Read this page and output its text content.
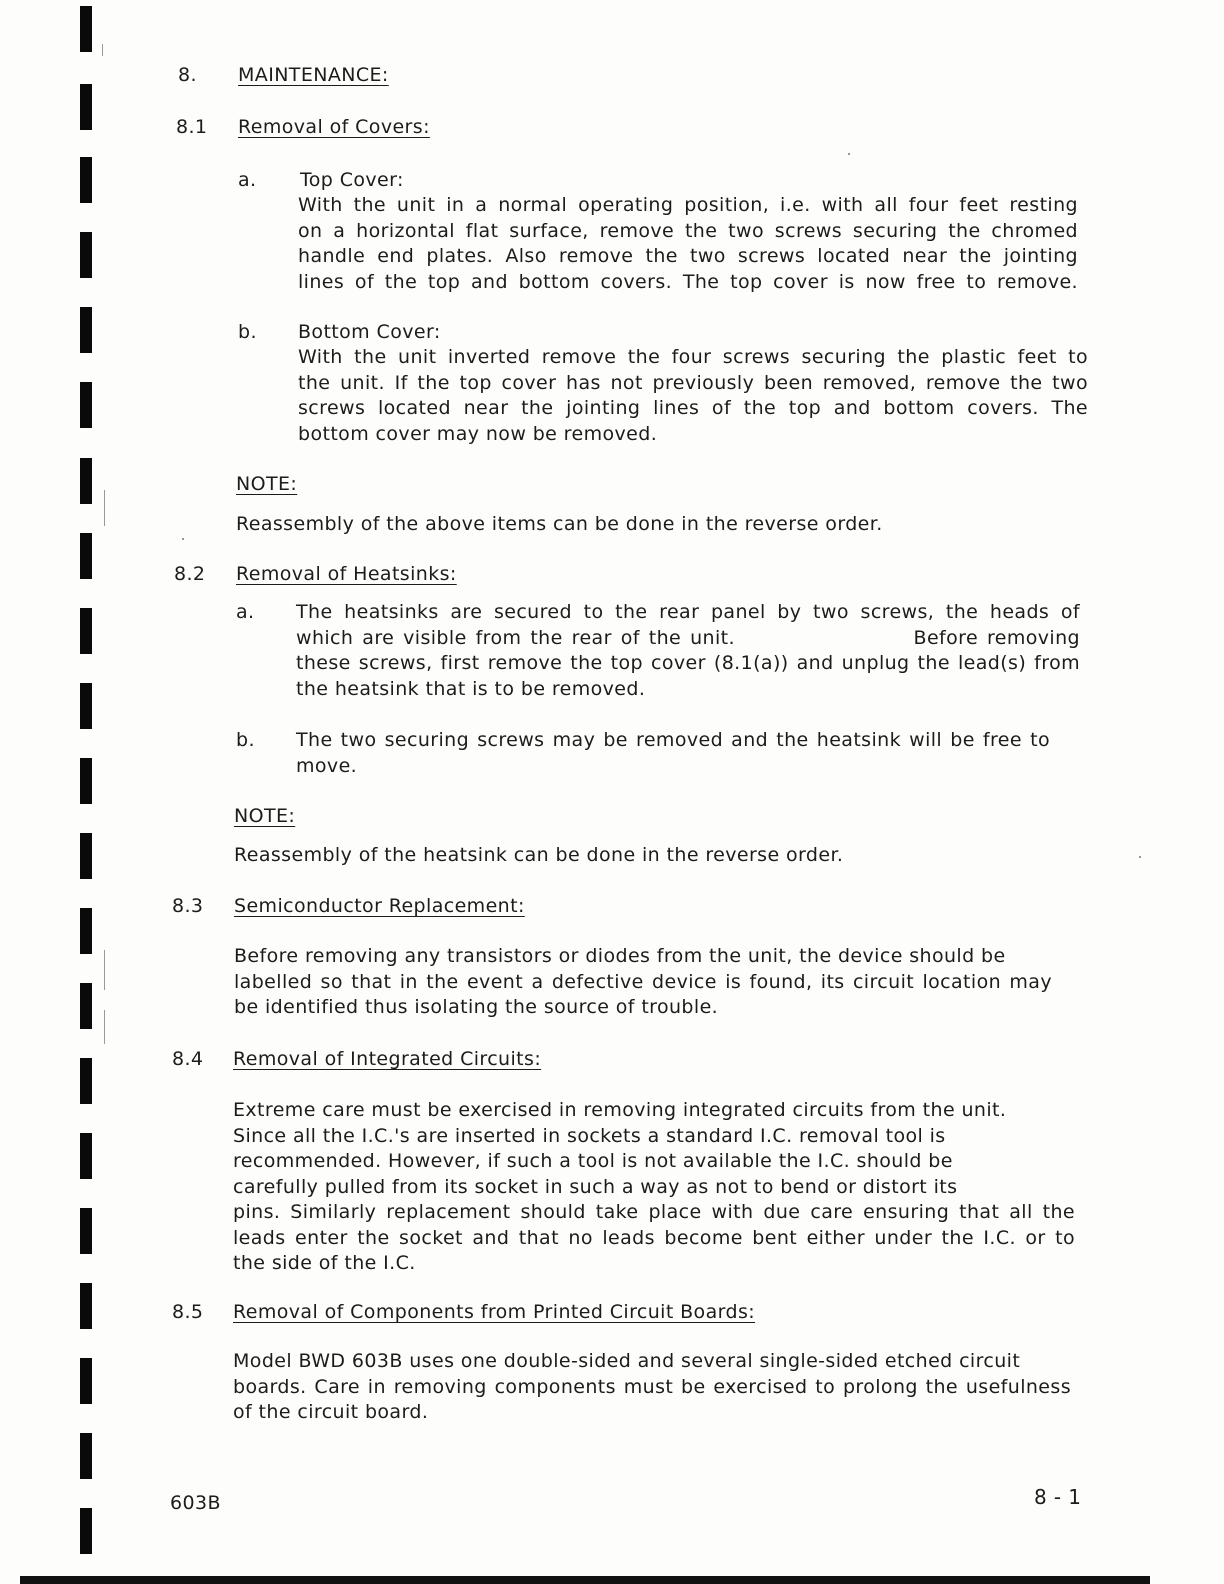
8. MAINTENANCE:
8.1 Removal of Covers:
a. Top Cover:
With the unit in a normal operating position, i.e. with all four feet resting
on a horizontal flat surface, remove the two screws securing the chromed
handle end plates. Also remove the two screws located near the jointing
lines of the top and bottom covers. The top cover is now free to remove.
b. Bottom Cover:
With the unit inverted remove the four screws securing the plastic feet to
the unit. If the top cover has not previously been removed, remove the two
screws located near the jointing lines of the top and bottom covers. The
bottom cover may now be removed.
NOTE:
Reassembly of the above items can be done in the reverse order.
8.2 Removal of Heatsinks:
a. The heatsinks are secured to the rear panel by two screws, the heads of
which are visible from the rear of the unit.                    Before removing
these screws, first remove the top cover (8.1(a)) and unplug the lead(s) from
the heatsink that is to be removed.
b. The two securing screws may be removed and the heatsink will be free to
move.
NOTE:
Reassembly of the heatsink can be done in the reverse order.
8.3 Semiconductor Replacement:
Before removing any transistors or diodes from the unit, the device should be
labelled so that in the event a defective device is found, its circuit location may
be identified thus isolating the source of trouble.
8.4 Removal of Integrated Circuits:
Extreme care must be exercised in removing integrated circuits from the unit.
Since all the I.C.'s are inserted in sockets a standard I.C. removal tool is
recommended. However, if such a tool is not available the I.C. should be
carefully pulled from its socket in such a way as not to bend or distort its
pins. Similarly replacement should take place with due care ensuring that all the
leads enter the socket and that no leads become bent either under the I.C. or to
the side of the I.C.
8.5 Removal of Components from Printed Circuit Boards:
Model BWD 603B uses one double-sided and several single-sided etched circuit
boards. Care in removing components must be exercised to prolong the usefulness
of the circuit board.
603B	8 - 1
